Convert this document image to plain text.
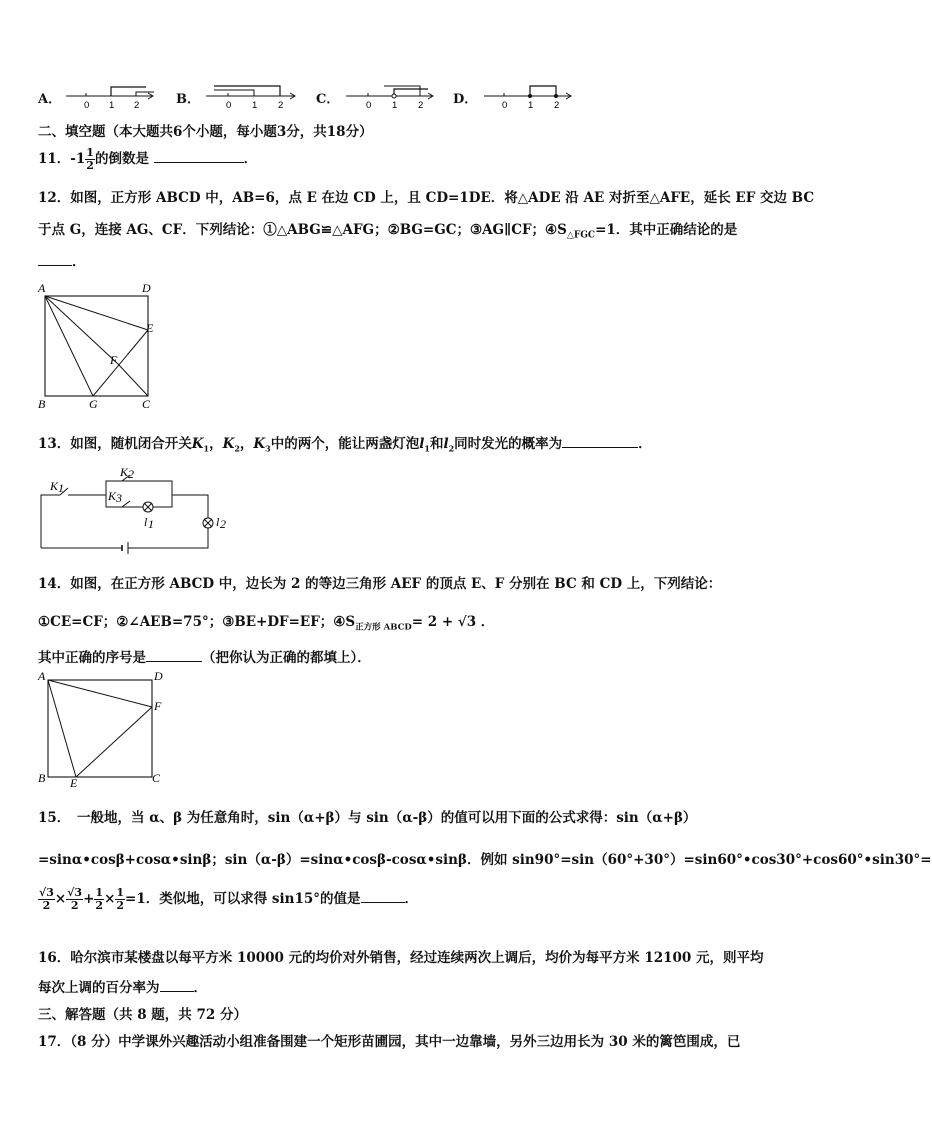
A． 0 1 2	B．	0 1 2	C．	0 1 2 D．	0 1 2
二、填空题（本大题共6个小题，每小题3分，共18分）
11．$-1 \frac{1}{2}$ 的倒数是	．
12．如图，正方形 ABCD 中，AB=6，点 E 在边 CD 上，且 CD=1DE．将△ADE 沿 AE 对折至△AFE，延长 EF 交边 BC
于点 G，连接 AG、CF．下列结论：①△ABG≌△AFG；②BG=GC；③AG∥CF；$④S_{\triangle FGC}=1$．其中正确结论的是
．
A	D
E
F
B	G	C
13．如图，随机闭合开关$K_1$，$K_2$，$K_3$中的两个，能让两盏灯泡$l_1$和$l_2$同时发光的概率为	．
K 1
K 2
K 3
l 1	l 2
14．如图，在正方形 ABCD 中，边长为 2 的等边三角形 AEF 的顶点 E、F 分别在 BC 和 CD 上，下列结论：
①CE=CF；②∠AEB=75°；③BE+DF=EF；$④S_{正方形 ABCD}= 2 + √3$ ．
其中正确的序号是	（把你认为正确的都填上）．
A	D
F
B E	C
15．　一般地，当 α、β 为任意角时，sin（α+β）与 sin（α-β）的值可以用下面的公式求得：sin（α+β）
=sinα•cosβ+cosα•sinβ；sin（α-β）=sinα•cosβ-cosα•sinβ．例如 sin90°=sin（60°+30°）=sin60°•cos30°+cos60°•sin30°=
$\frac{√3}{2} \times \frac{√3}{2} + \frac{1}{2} \times \frac{1}{2} =1$．类似地，可以求得 sin15°的值是	．
16．哈尔滨市某楼盘以每平方米 10000 元的均价对外销售，经过连续两次上调后，均价为每平方米 12100 元，则平均
每次上调的百分率为	．
三、解答题（共 8 题，共 72 分）
17．（8 分）中学课外兴趣活动小组准备围建一个矩形苗圃园，其中一边靠墙，另外三边用长为 30 米的篱笆围成，已
